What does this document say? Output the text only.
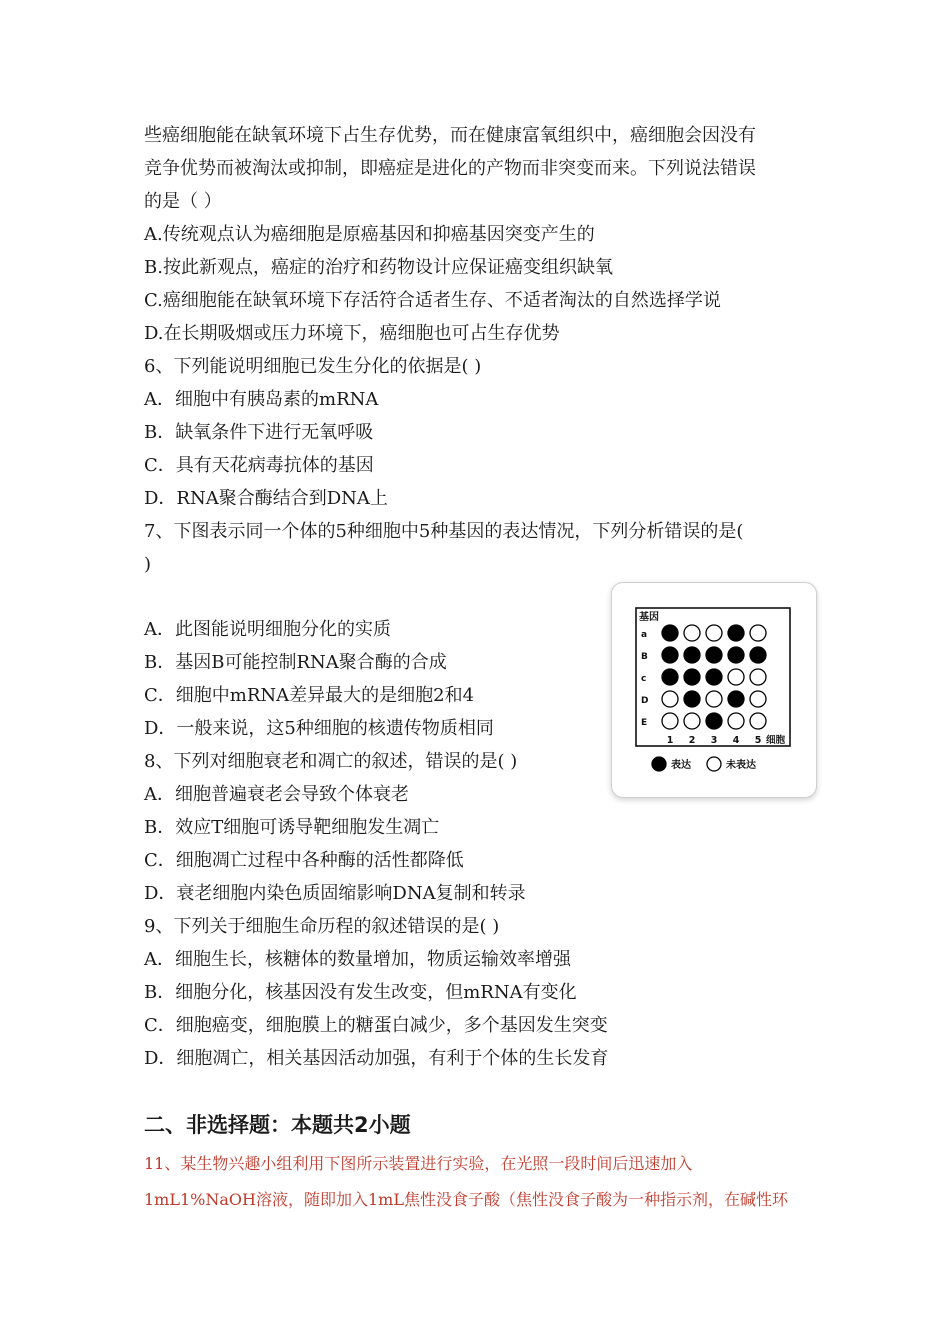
些癌细胞能在缺氧环境下占生存优势，而在健康富氧组织中，癌细胞会因没有
竞争优势而被淘汰或抑制，即癌症是进化的产物而非突变而来。下列说法错误
的是（ ）
A.传统观点认为癌细胞是原癌基因和抑癌基因突变产生的
B.按此新观点，癌症的治疗和药物设计应保证癌变组织缺氧
C.癌细胞能在缺氧环境下存活符合适者生存、不适者淘汰的自然选择学说
D.在长期吸烟或压力环境下，癌细胞也可占生存优势
6、下列能说明细胞已发生分化的依据是( )
A．细胞中有胰岛素的mRNA
B．缺氧条件下进行无氧呼吸
C．具有天花病毒抗体的基因
D．RNA聚合酶结合到DNA上
7、下图表示同一个体的5种细胞中5种基因的表达情况，下列分析错误的是(
)
A．此图能说明细胞分化的实质
B．基因B可能控制RNA聚合酶的合成
C．细胞中mRNA差异最大的是细胞2和4
D．一般来说，这5种细胞的核遗传物质相同
基因
a
B
c
D
E
1 2 3 4 5 细胞
表达	未表达
8、下列对细胞衰老和凋亡的叙述，错误的是( )
A．细胞普遍衰老会导致个体衰老
B．效应T细胞可诱导靶细胞发生凋亡
C．细胞凋亡过程中各种酶的活性都降低
D．衰老细胞内染色质固缩影响DNA复制和转录
9、下列关于细胞生命历程的叙述错误的是( )
A．细胞生长，核糖体的数量增加，物质运输效率增强
B．细胞分化，核基因没有发生改变，但mRNA有变化
C．细胞癌变，细胞膜上的糖蛋白减少，多个基因发生突变
D．细胞凋亡，相关基因活动加强，有利于个体的生长发育
二、非选择题：本题共2小题
11、某生物兴趣小组利用下图所示装置进行实验，在光照一段时间后迅速加入
1mL1%NaOH溶液，随即加入1mL焦性没食子酸（焦性没食子酸为一种指示剂，在碱性环
